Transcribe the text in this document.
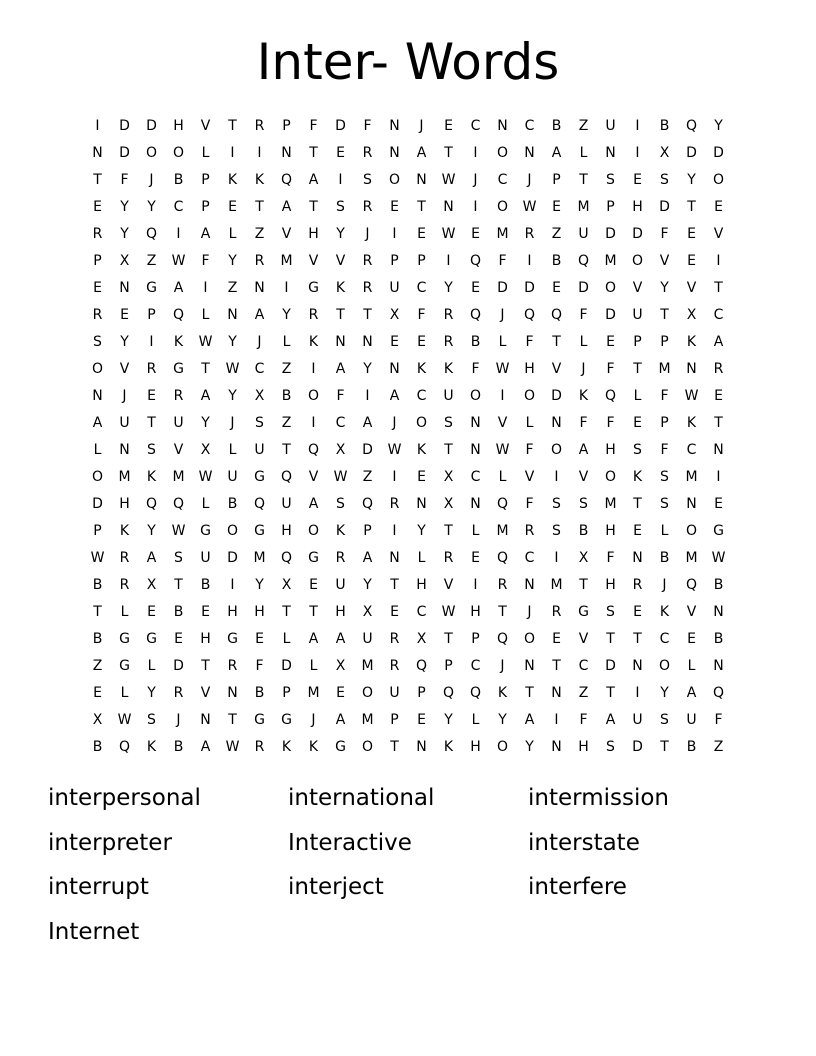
Inter- Words
I	D	D	H	V	T	R	P	F	D	F	N	J	E	C	N	C	B	Z	U	I	B	Q	Y
N	D	O	O	L	I	I	N	T	E	R	N	A	T	I	O	N	A	L	N	I	X	D	D
T	F	J	B	P	K	K	Q	A	I	S	O	N	W	J	C	J	P	T	S	E	S	Y	O
E	Y	Y	C	P	E	T	A	T	S	R	E	T	N	I	O	W	E	M	P	H	D	T	E
R	Y	Q	I	A	L	Z	V	H	Y	J	I	E	W	E	M	R	Z	U	D	D	F	E	V
P	X	Z	W	F	Y	R	M	V	V	R	P	P	I	Q	F	I	B	Q	M	O	V	E	I
E	N	G	A	I	Z	N	I	G	K	R	U	C	Y	E	D	D	E	D	O	V	Y	V	T
R	E	P	Q	L	N	A	Y	R	T	T	X	F	R	Q	J	Q	Q	F	D	U	T	X	C
S	Y	I	K	W	Y	J	L	K	N	N	E	E	R	B	L	F	T	L	E	P	P	K	A
O	V	R	G	T	W	C	Z	I	A	Y	N	K	K	F	W	H	V	J	F	T	M	N	R
N	J	E	R	A	Y	X	B	O	F	I	A	C	U	O	I	O	D	K	Q	L	F	W	E
A	U	T	U	Y	J	S	Z	I	C	A	J	O	S	N	V	L	N	F	F	E	P	K	T
L	N	S	V	X	L	U	T	Q	X	D	W	K	T	N	W	F	O	A	H	S	F	C	N
O	M	K	M	W	U	G	Q	V	W	Z	I	E	X	C	L	V	I	V	O	K	S	M	I
D	H	Q	Q	L	B	Q	U	A	S	Q	R	N	X	N	Q	F	S	S	M	T	S	N	E
P	K	Y	W	G	O	G	H	O	K	P	I	Y	T	L	M	R	S	B	H	E	L	O	G
W	R	A	S	U	D	M	Q	G	R	A	N	L	R	E	Q	C	I	X	F	N	B	M	W
B	R	X	T	B	I	Y	X	E	U	Y	T	H	V	I	R	N	M	T	H	R	J	Q	B
T	L	E	B	E	H	H	T	T	H	X	E	C	W	H	T	J	R	G	S	E	K	V	N
B	G	G	E	H	G	E	L	A	A	U	R	X	T	P	Q	O	E	V	T	T	C	E	B
Z	G	L	D	T	R	F	D	L	X	M	R	Q	P	C	J	N	T	C	D	N	O	L	N
E	L	Y	R	V	N	B	P	M	E	O	U	P	Q	Q	K	T	N	Z	T	I	Y	A	Q
X	W	S	J	N	T	G	G	J	A	M	P	E	Y	L	Y	A	I	F	A	U	S	U	F
B	Q	K	B	A	W	R	K	K	G	O	T	N	K	H	O	Y	N	H	S	D	T	B	Z
interpersonal	international	intermission
interpreter	Interactive	interstate
interrupt	interject	interfere
Internet
